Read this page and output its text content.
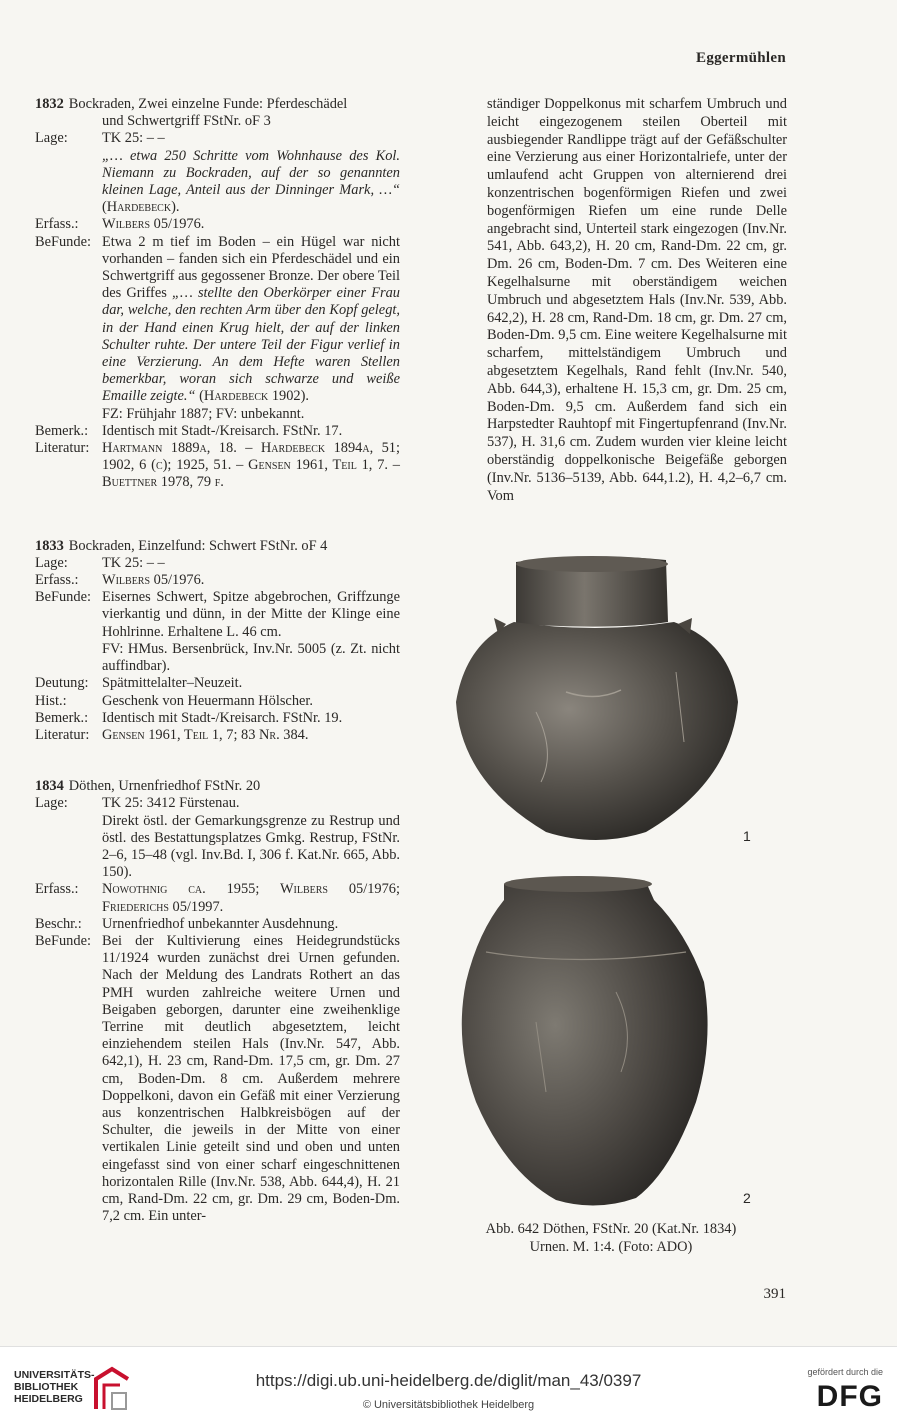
Eggermühlen
1832 Bockraden, Zwei einzelne Funde: Pferdeschädel
und Schwertgriff FStNr. oF 3
Lage:	TK 25: – –
„… etwa 250 Schritte vom Wohnhause des Kol. Niemann zu Bockraden, auf der so genannten kleinen Lage, Anteil aus der Dinninger Mark, …“ (Hardebeck).
Erfass.:	Wilbers 05/1976.
BeFunde: Etwa 2 m tief im Boden – ein Hügel war nicht vorhanden – fanden sich ein Pferdeschädel und ein Schwertgriff aus gegossener Bronze. Der obere Teil des Griffes „… stellte den Oberkörper einer Frau dar, welche, den rechten Arm über den Kopf gelegt, in der Hand einen Krug hielt, der auf der linken Schulter ruhte. Der untere Teil der Figur verlief in eine Verzierung. An dem Hefte waren Stellen bemerkbar, woran sich schwarze und weiße Emaille zeigte.“ (Hardebeck 1902).
FZ: Frühjahr 1887; FV: unbekannt.
Bemerk.: Identisch mit Stadt-/Kreisarch. FStNr. 17.
Literatur: Hartmann 1889a, 18. – Hardebeck 1894a, 51; 1902, 6 (c); 1925, 51. – Gensen 1961, Teil 1, 7. – Buettner 1978, 79 f.
1833 Bockraden, Einzelfund: Schwert FStNr. oF 4
Lage:	TK 25: – –
Erfass.:	Wilbers 05/1976.
BeFunde: Eisernes Schwert, Spitze abgebrochen, Griffzunge vierkantig und dünn, in der Mitte der Klinge eine Hohlrinne. Erhaltene L. 46 cm.
FV: HMus. Bersenbrück, Inv.Nr. 5005 (z. Zt. nicht auffindbar).
Deutung: Spätmittelalter–Neuzeit.
Hist.:	Geschenk von Heuermann Hölscher.
Bemerk.: Identisch mit Stadt-/Kreisarch. FStNr. 19.
Literatur: Gensen 1961, Teil 1, 7; 83 Nr. 384.
1834 Döthen, Urnenfriedhof FStNr. 20
Lage:	TK 25: 3412 Fürstenau.
Direkt östl. der Gemarkungsgrenze zu Restrup und östl. des Bestattungsplatzes Gmkg. Restrup, FStNr. 2–6, 15–48 (vgl. Inv.Bd. I, 306 f. Kat.Nr. 665, Abb. 150).
Erfass.:	Nowothnig ca. 1955; Wilbers 05/1976; Friederichs 05/1997.
Beschr.:	Urnenfriedhof unbekannter Ausdehnung.
BeFunde: Bei der Kultivierung eines Heidegrundstücks 11/1924 wurden zunächst drei Urnen gefunden. Nach der Meldung des Landrats Rothert an das PMH wurden zahlreiche weitere Urnen und Beigaben geborgen, darunter eine zweihenklige Terrine mit deutlich abgesetztem, leicht einziehendem steilen Hals (Inv.Nr. 547, Abb. 642,1), H. 23 cm, Rand-Dm. 17,5 cm, gr. Dm. 27 cm, Boden-Dm. 8 cm. Außerdem mehrere Doppelkoni, davon ein Gefäß mit einer Verzierung aus konzentrischen Halbkreisbögen auf der Schulter, die jeweils in der Mitte von einer vertikalen Linie geteilt sind und oben und unten eingefasst sind von einer scharf eingeschnittenen horizontalen Rille (Inv.Nr. 538, Abb. 644,4), H. 21 cm, Rand-Dm. 22 cm, gr. Dm. 29 cm, Boden-Dm. 7,2 cm. Ein unter-
ständiger Doppelkonus mit scharfem Umbruch und leicht eingezogenem steilen Oberteil mit ausbiegender Randlippe trägt auf der Gefäßschulter eine Verzierung aus einer Horizontalriefe, unter der umlaufend acht Gruppen von alternierend drei konzentrischen bogenförmigen Riefen und zwei bogenförmigen Riefen um eine runde Delle angebracht sind, Unterteil stark eingezogen (Inv.Nr. 541, Abb. 643,2), H. 20 cm, Rand-Dm. 22 cm, gr. Dm. 26 cm, Boden-Dm. 7 cm. Des Weiteren eine Kegelhalsurne mit oberständigem weichen Umbruch und abgesetztem Hals (Inv.Nr. 539, Abb. 642,2), H. 28 cm, Rand-Dm. 18 cm, gr. Dm. 27 cm, Boden-Dm. 9,5 cm. Eine weitere Kegelhalsurne mit scharfem, mittelständigem Umbruch und abgesetztem Kegelhals, Rand fehlt (Inv.Nr. 540, Abb. 644,3), erhaltene H. 15,3 cm, gr. Dm. 25 cm, Boden-Dm. 9,5 cm. Außerdem fand sich ein Harpstedter Rauhtopf mit Fingertupfenrand (Inv.Nr. 537), H. 31,6 cm. Zudem wurden vier kleine leicht oberständig doppelkonische Beigefäße geborgen (Inv.Nr. 5136–5139, Abb. 644,1.2), H. 4,2–6,7 cm. Vom
1
2
Abb. 642 Döthen, FStNr. 20 (Kat.Nr. 1834)
Urnen. M. 1:4. (Foto: ADO)
391
UNIVERSITÄTS-
BIBLIOTHEK
HEIDELBERG
https://digi.ub.uni-heidelberg.de/diglit/man_43/0397
© Universitätsbibliothek Heidelberg
gefördert durch die
DFG
